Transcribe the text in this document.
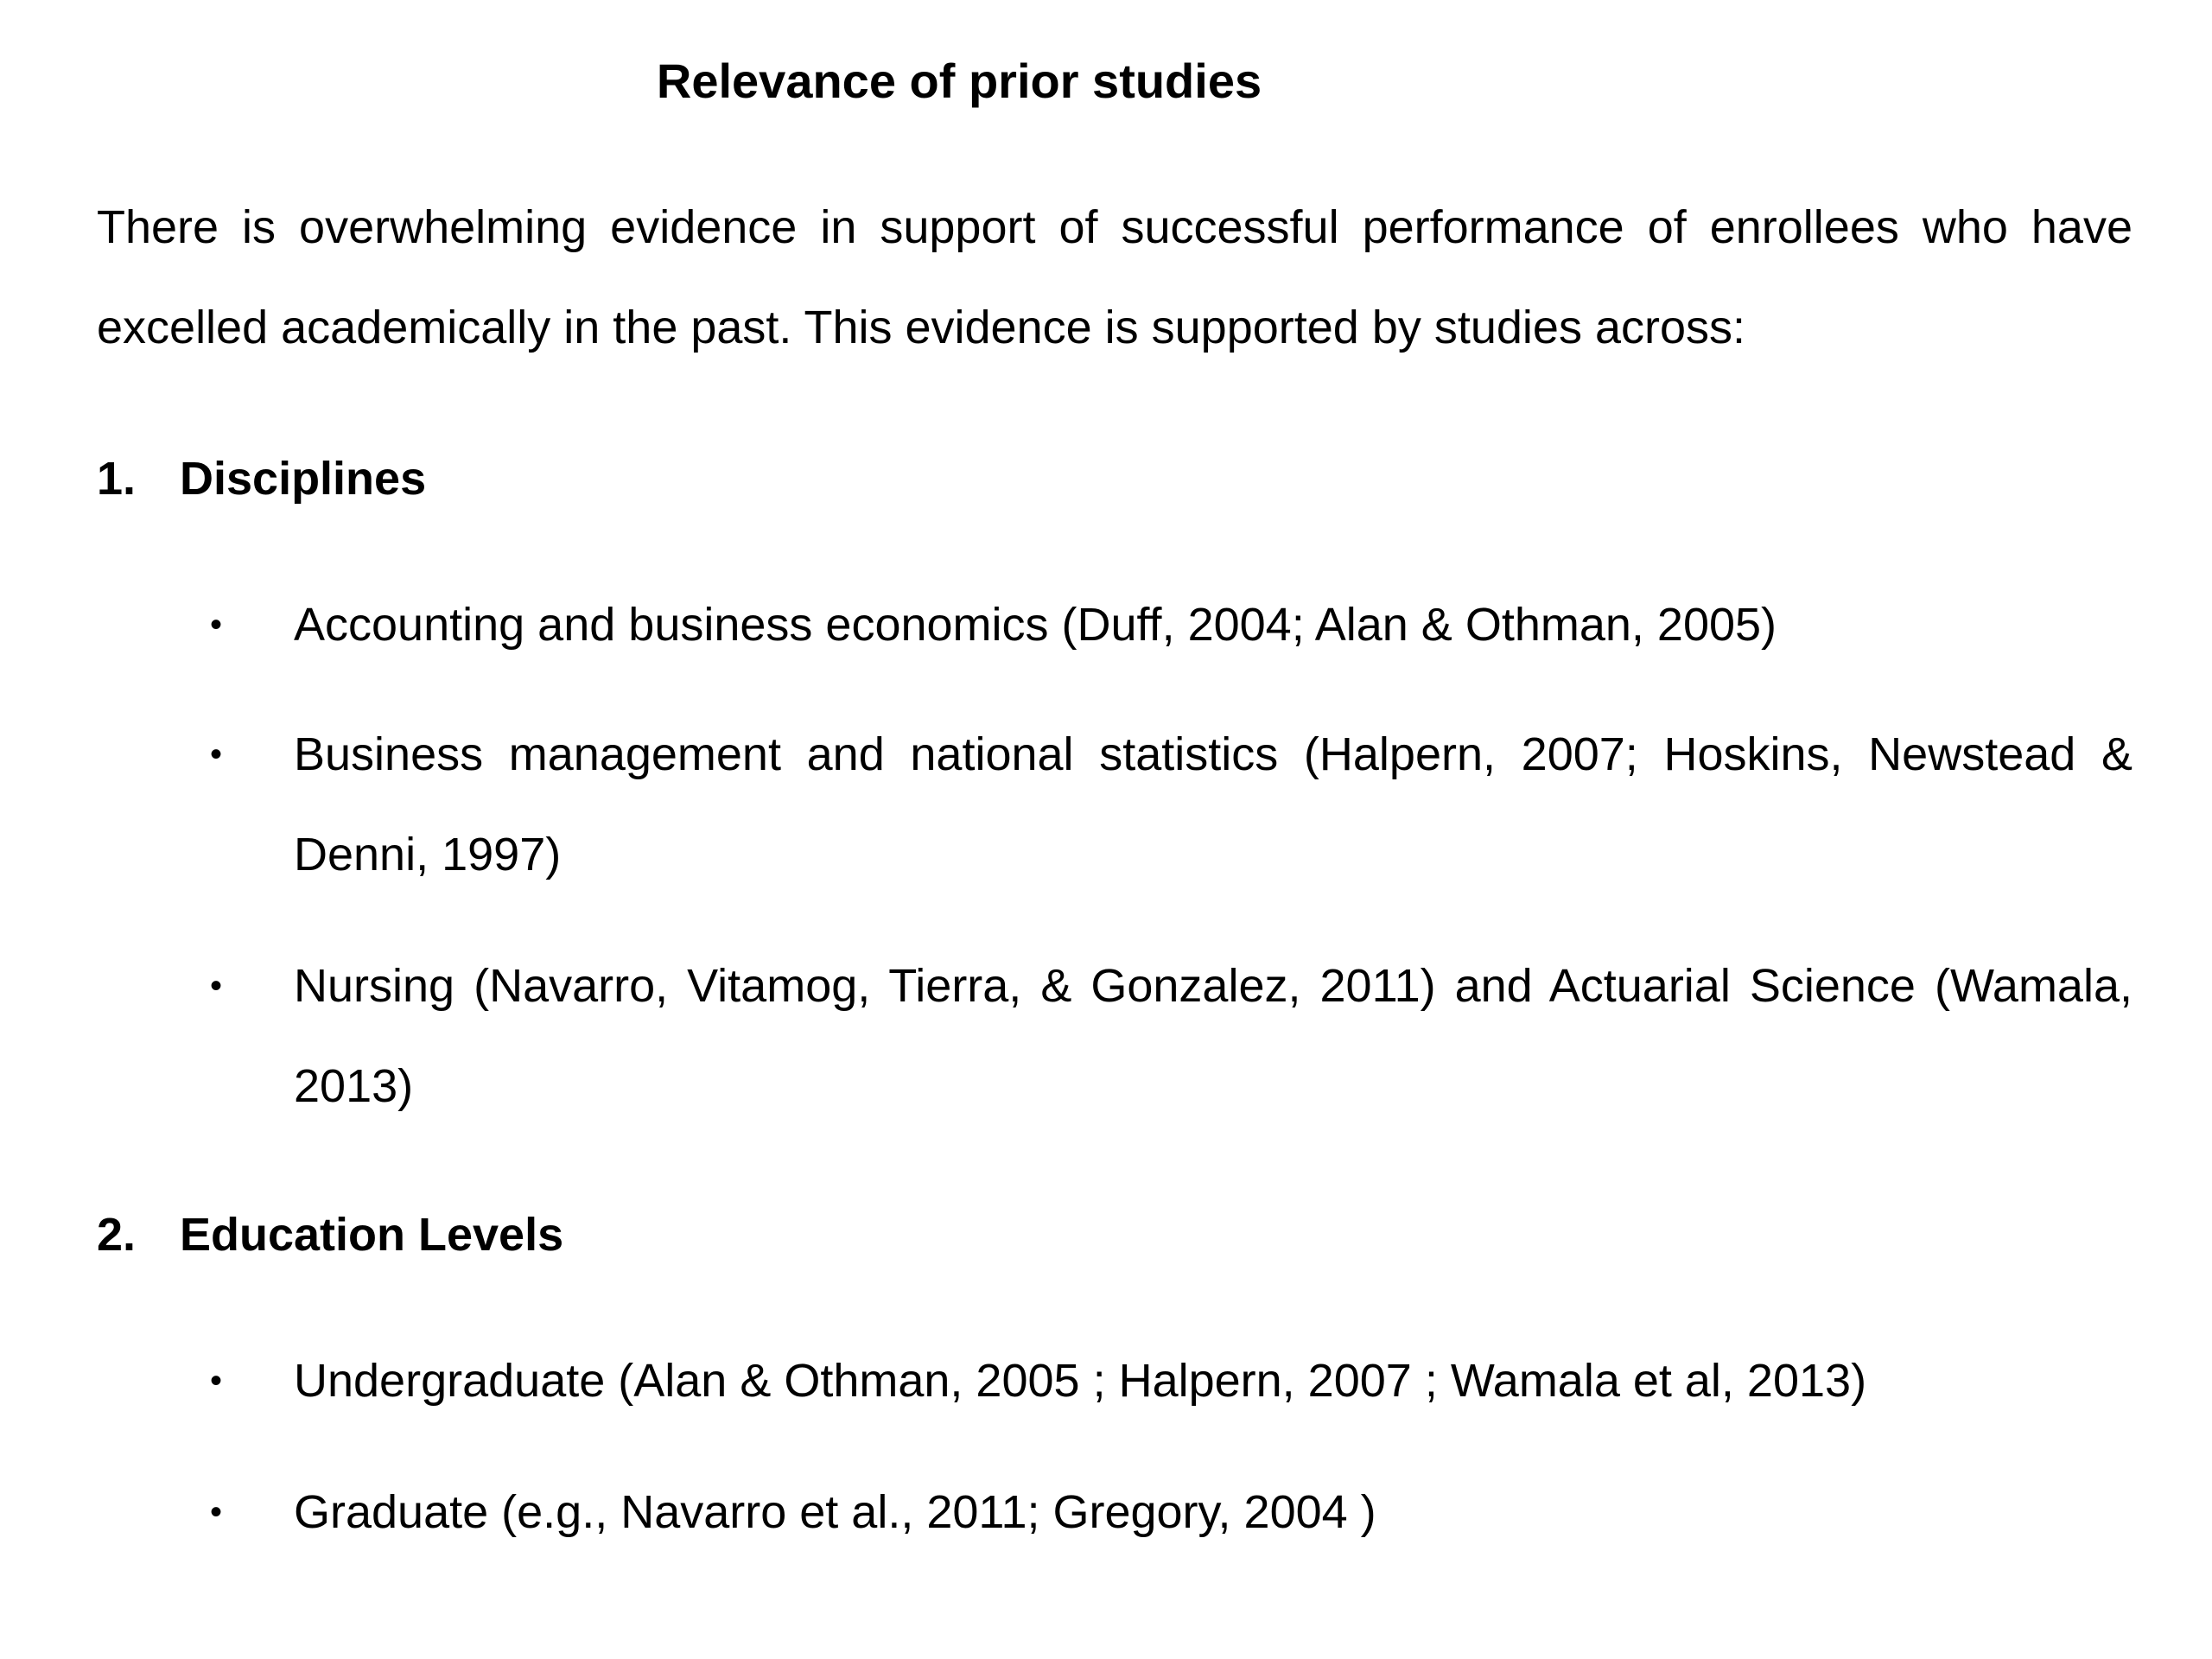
Relevance of prior studies

There is overwhelming evidence in support of successful performance of enrollees who have excelled academically in the past. This evidence is supported by studies across:

1. Disciplines
• Accounting and business economics (Duff, 2004; Alan & Othman, 2005)
• Business management and national statistics (Halpern, 2007; Hoskins, Newstead & Denni, 1997)
• Nursing (Navarro, Vitamog, Tierra, & Gonzalez, 2011) and Actuarial Science (Wamala, 2013)
2. Education Levels
• Undergraduate (Alan & Othman, 2005 ; Halpern, 2007 ; Wamala et al, 2013)
• Graduate (e.g., Navarro et al., 2011; Gregory, 2004 )
